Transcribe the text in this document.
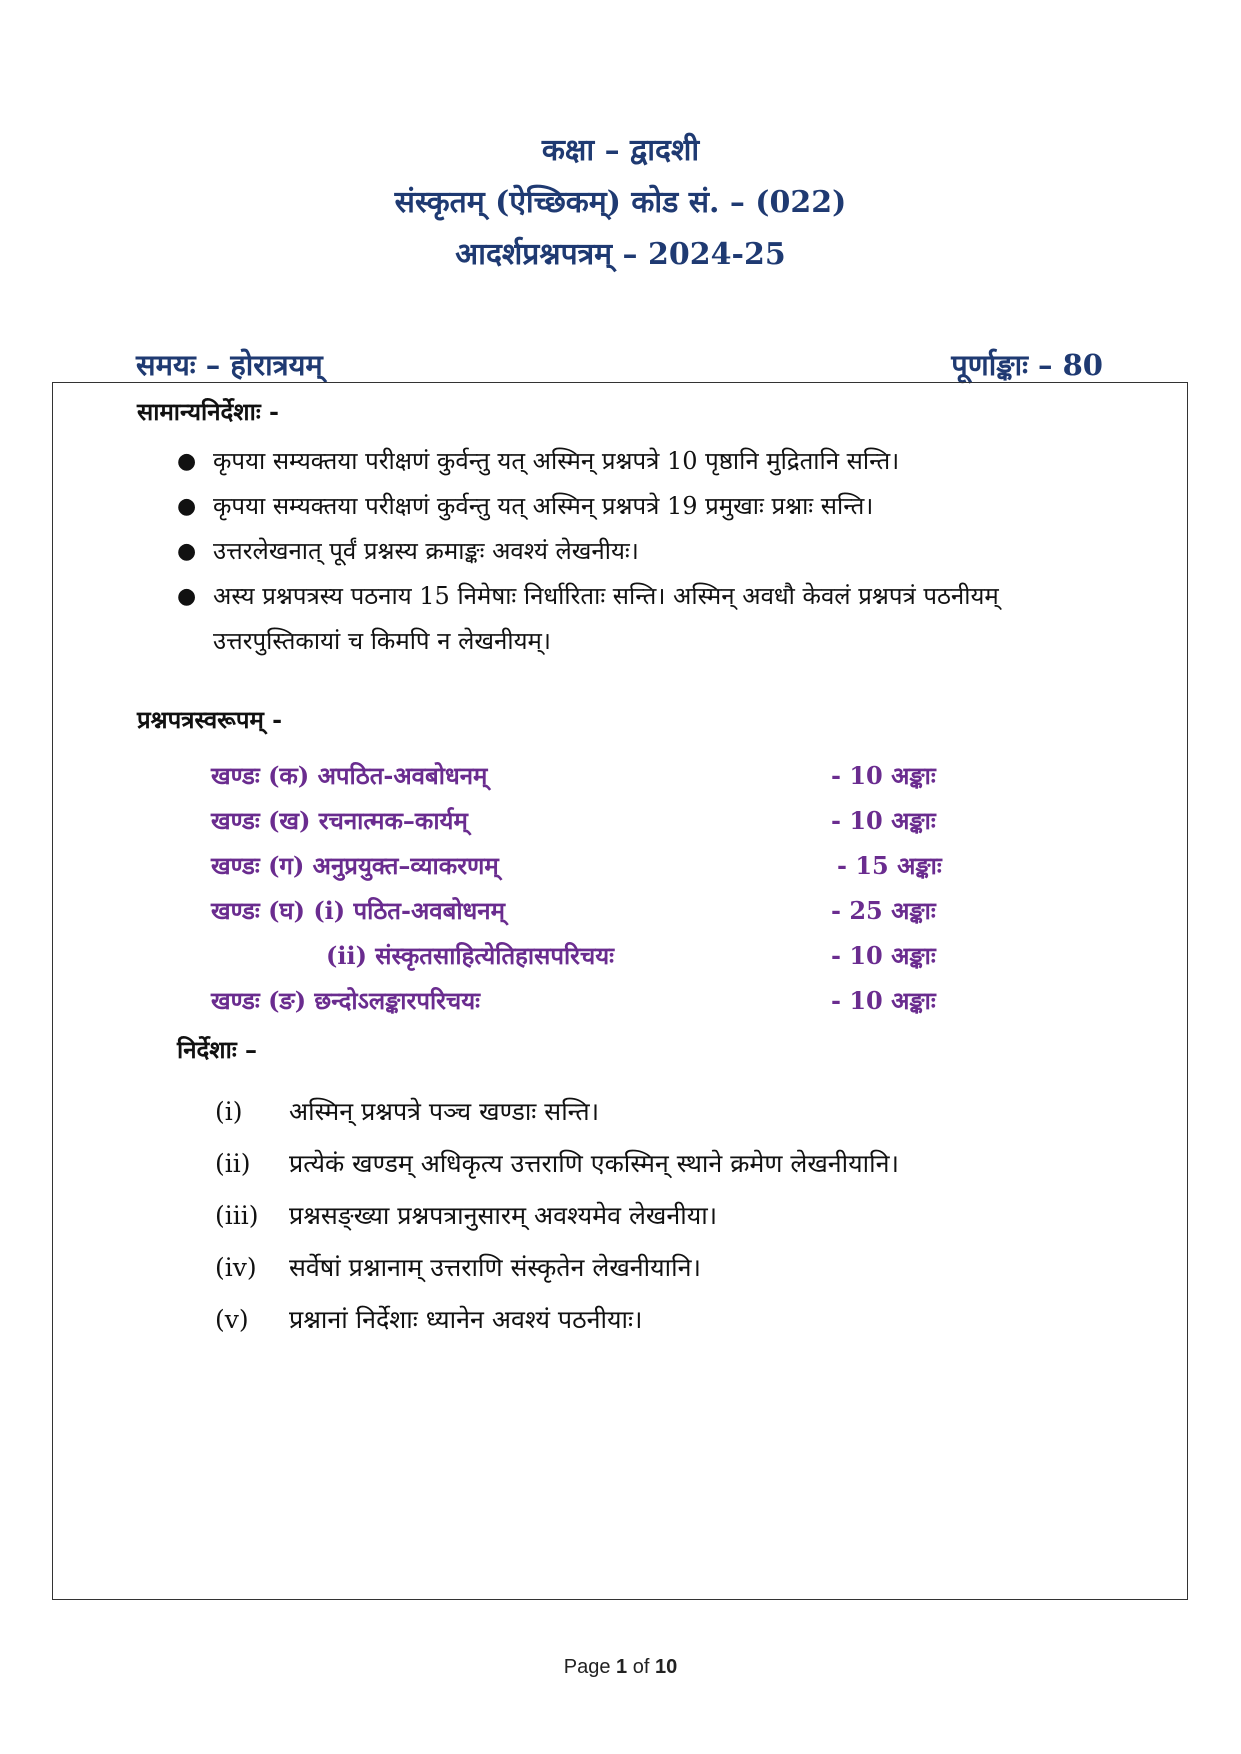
कक्षा – द्वादशी
संस्कृतम् (ऐच्छिकम्) कोड सं. – (022)
आदर्शप्रश्नपत्रम् – 2024-25
समयः – होरात्रयम्	पूर्णाङ्काः – 80
सामान्यनिर्देशाः -
● कृपया सम्यक्तया परीक्षणं कुर्वन्तु यत् अस्मिन् प्रश्नपत्रे 10 पृष्ठानि मुद्रितानि सन्ति।
● कृपया सम्यक्तया परीक्षणं कुर्वन्तु यत् अस्मिन् प्रश्नपत्रे 19 प्रमुखाः प्रश्नाः सन्ति।
● उत्तरलेखनात् पूर्वं प्रश्नस्य क्रमाङ्कः अवश्यं लेखनीयः।
● अस्य प्रश्नपत्रस्य पठनाय 15 निमेषाः निर्धारिताः सन्ति। अस्मिन् अवधौ केवलं प्रश्नपत्रं पठनीयम् उत्तरपुस्तिकायां च किमपि न लेखनीयम्।
प्रश्नपत्रस्वरूपम् -
खण्डः (क) अपठित-अवबोधनम्	- 10 अङ्काः
खण्डः (ख) रचनात्मक–कार्यम्	- 10 अङ्काः
खण्डः (ग) अनुप्रयुक्त–व्याकरणम्	- 15 अङ्काः
खण्डः (घ) (i) पठित-अवबोधनम्	- 25 अङ्काः
(ii) संस्कृतसाहित्येतिहासपरिचयः	- 10 अङ्काः
खण्डः (ङ) छन्दोऽलङ्कारपरिचयः	- 10 अङ्काः
निर्देशाः –
(i) अस्मिन् प्रश्नपत्रे पञ्च खण्डाः सन्ति।
(ii) प्रत्येकं खण्डम् अधिकृत्य उत्तराणि एकस्मिन् स्थाने क्रमेण लेखनीयानि।
(iii) प्रश्नसङ्ख्या प्रश्नपत्रानुसारम् अवश्यमेव लेखनीया।
(iv) सर्वेषां प्रश्नानाम् उत्तराणि संस्कृतेन लेखनीयानि।
(v) प्रश्नानां निर्देशाः ध्यानेन अवश्यं पठनीयाः।
Page 1 of 10
